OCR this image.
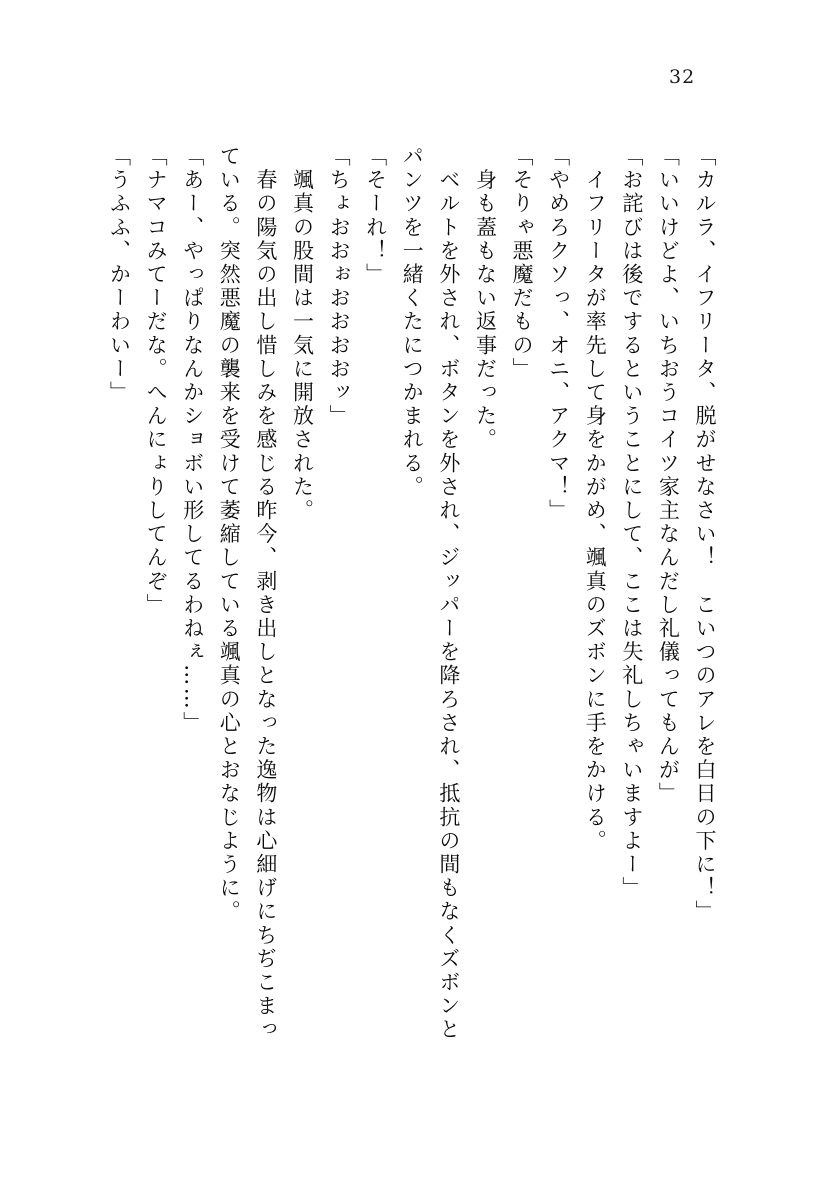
32

「カルラ、イフリータ、脱がせなさい！　こいつのアレを白日の下に！」

「いいけどよ、いちおうコイツ家主なんだし礼儀ってもんが」

「お詫びは後でするということにして、ここは失礼しちゃいますよー」

　イフリータが率先して身をかがめ、颯真のズボンに手をかける。

「やめろクソっ、オニ、アクマ！」

「そりゃ悪魔だもの」

　身も蓋もない返事だった。

　ベルトを外され、ボタンを外され、ジッパーを降ろされ、抵抗の間もなくズボンと

パンツを一緒くたにつかまれる。

「そーれ！」

「ちょおおぉおおおおッ」

　颯真の股間は一気に開放された。

　春の陽気の出し惜しみを感じる昨今、剥き出しとなった逸物は心細げにちぢこまっ

ている。突然悪魔の襲来を受けて萎縮している颯真の心とおなじように。

「あー、やっぱりなんかショボい形してるわねぇ……」

「ナマコみてーだな。へんにょりしてんぞ」

「うふふ、かーわいー」
